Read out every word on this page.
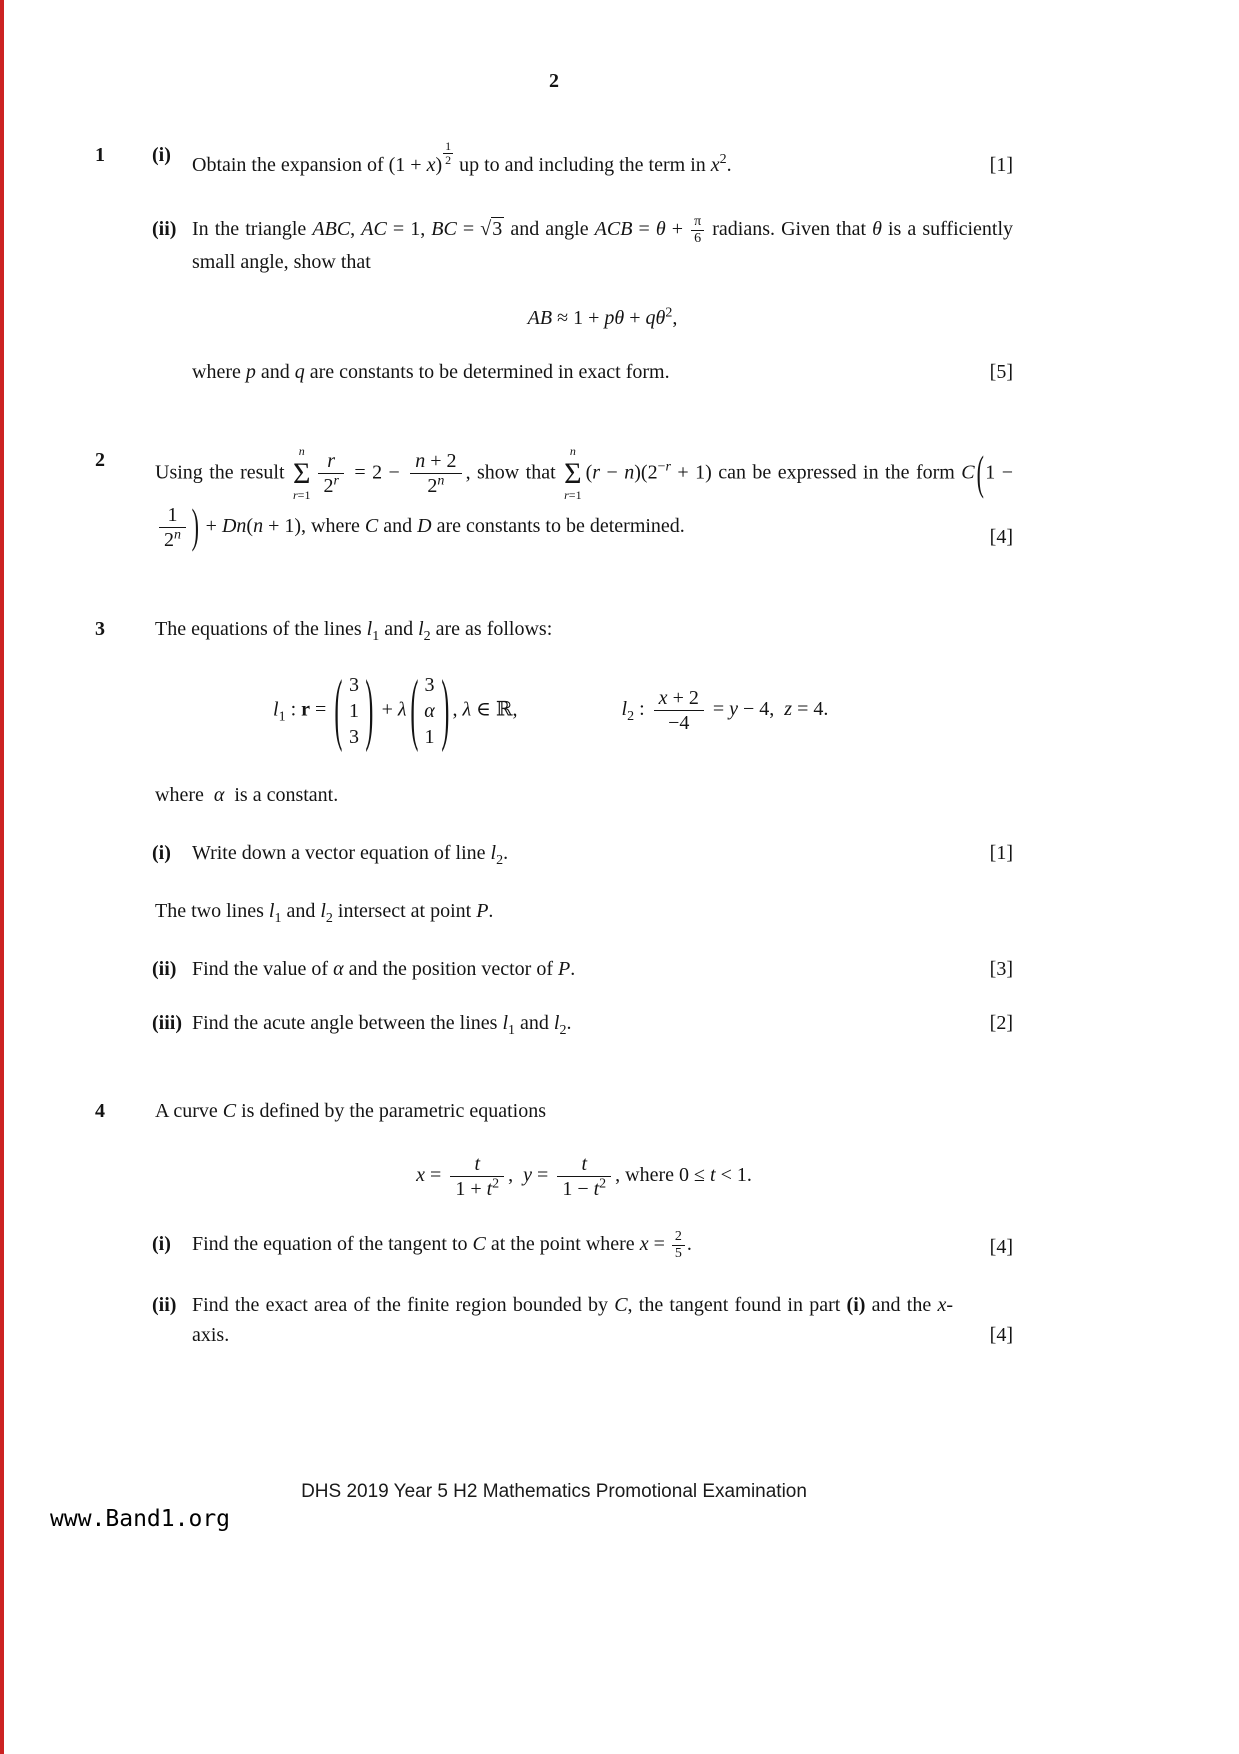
2
1 (i) Obtain the expansion of $(1 + x) \frac{1}{2}$ up to and including the term in $x^2$.	[1]
(ii) In the triangle ABC, AC = 1, BC = √3 and angle ACB = $\theta + \frac{\pi}{6}$ radians. Given that θ is a sufficiently small angle, show that

AB ≈ $1 + p\theta + q\theta^2$,

where p and q are constants to be determined in exact form.	[5]
2

Using the result
n
Σ
$r=1 \frac{r}{2^r} = 2 - \frac{n + 2}{2^n}$ , show that
n
Σ
r=1
$(r - n)(2^{-r} + 1)$ can be expressed in the form C(1 −
$\frac{1}{2^n}$ ) + Dn(n + 1), where C and D are constants to be determined.	[4]
3	The equations of the lines $l_1$ and $l_2$ are as follows:

$l_1$ : r = ( 3
1
3 ) + λ ( 3
α
1 ) , λ ∈ ℝ,	$l_2$ : $\frac{x + 2}{-4} = y - 4$,  z = 4.

where  α  is a constant.

(i) Write down a vector equation of line $l_2$.	[1]

The two lines $l_1$ and $l_2$ intersect at point P.

(ii) Find the value of α and the position vector of P.	[3]
(iii) Find the acute angle between the lines $l_1$ and $l_2$.	[2]
4	A curve C is defined by the parametric equations

$x = \frac{t}{1 + t^2}$ ,  $y = \frac{t}{1 - t^2}$ , where 0 ≤ t < 1.

(i) Find the equation of the tangent to C at the point where $x = \frac{2}{5}$ .	[4]
(ii) Find the exact area of the finite region bounded by C, the tangent found in part (i) and the x-axis.	[4]
DHS 2019 Year 5 H2 Mathematics Promotional Examination
www.Band1.org
